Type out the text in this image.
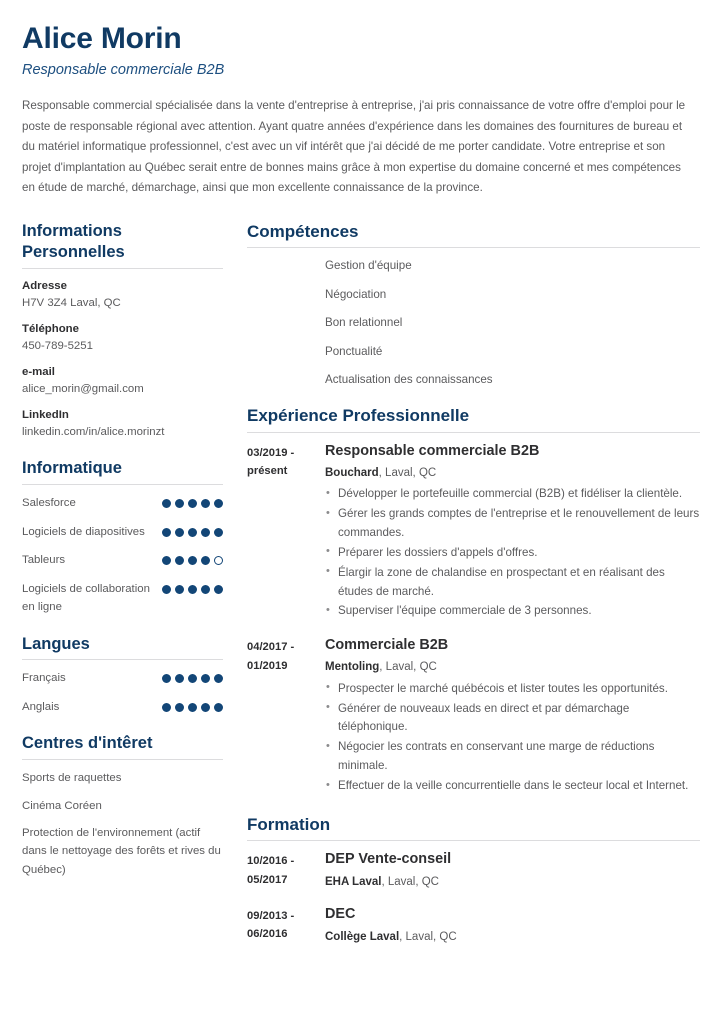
Alice Morin
Responsable commerciale B2B
Responsable commercial spécialisée dans la vente d'entreprise à entreprise, j'ai pris connaissance de votre offre d'emploi pour le poste de responsable régional avec attention. Ayant quatre années d'expérience dans les domaines des fournitures de bureau et du matériel informatique professionnel, c'est avec un vif intérêt que j'ai décidé de me porter candidate. Votre entreprise et son projet d'implantation au Québec serait entre de bonnes mains grâce à mon expertise du domaine concerné et mes compétences en étude de marché, démarchage, ainsi que mon excellente connaissance de la province.
Informations Personnelles
Adresse
H7V 3Z4 Laval, QC
Téléphone
450-789-5251
e-mail
alice_morin@gmail.com
LinkedIn
linkedin.com/in/alice.morinzt
Informatique
Salesforce
Logiciels de diapositives
Tableurs
Logiciels de collaboration en ligne
Langues
Français
Anglais
Centres d'intêret
Sports de raquettes
Cinéma Coréen
Protection de l'environnement (actif dans le nettoyage des forêts et rives du Québec)
Compétences
Gestion d'équipe
Négociation
Bon relationnel
Ponctualité
Actualisation des connaissances
Expérience Professionnelle
03/2019 - présent
Responsable commerciale B2B
Bouchard, Laval, QC
• Développer le portefeuille commercial (B2B) et fidéliser la clientèle.
• Gérer les grands comptes de l'entreprise et le renouvellement de leurs commandes.
• Préparer les dossiers d'appels d'offres.
• Élargir la zone de chalandise en prospectant et en réalisant des études de marché.
• Superviser l'équipe commerciale de 3 personnes.
04/2017 - 01/2019
Commerciale B2B
Mentoling, Laval, QC
• Prospecter le marché québécois et lister toutes les opportunités.
• Générer de nouveaux leads en direct et par démarchage téléphonique.
• Négocier les contrats en conservant une marge de réductions minimale.
• Effectuer de la veille concurrentielle dans le secteur local et Internet.
Formation
10/2016 - 05/2017
DEP Vente-conseil
EHA Laval, Laval, QC
09/2013 - 06/2016
DEC
Collège Laval, Laval, QC
